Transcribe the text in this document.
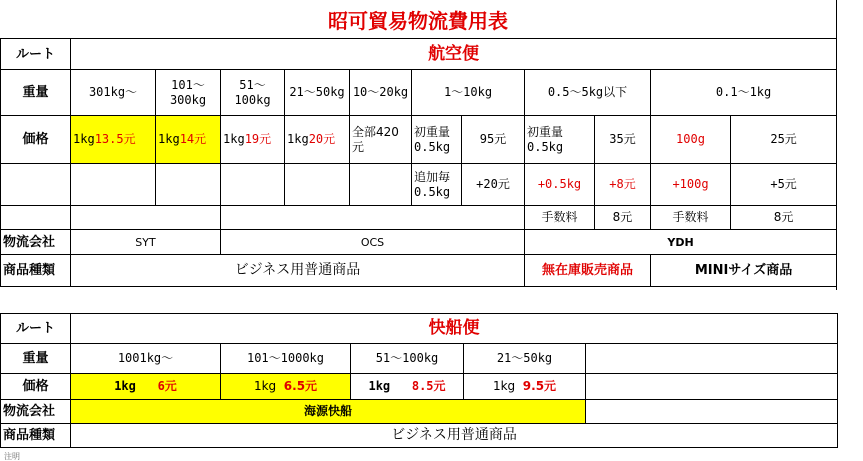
昭可貿易物流費用表
ルート	航空便										
重量	301kg～	101～300kg	51～100kg	21～50kg	10～20kg	1～10kg		0.5～5kg以下		0.1～1kg	
価格	1kg13.5元	1kg14元	1kg19元	1kg20元	全部420元	初重量0.5kg	95元	初重量0.5kg	35元	100g	25元
						追加毎0.5kg	+20元	+0.5kg	+8元	+100g	+5元
								手数料	8元	手数料	8元
物流会社	SYT		OCS					YDH			
商品種類	ビジネス用普通商品							無在庫販売商品		MINIサイズ商品	
ルート	快船便				
重量	1001kg～	101～1000kg	51～100kg	21～50kg	
価格	1kg 6元	1kg 6.5元	1kg 8.5元	1kg 9.5元	
物流会社	海源快船				
商品種類	ビジネス用普通商品				
注明
